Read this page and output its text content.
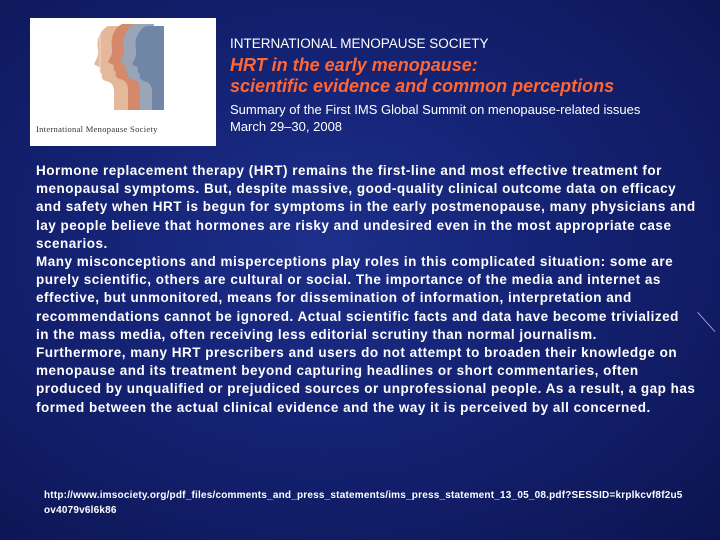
International Menopause Society
INTERNATIONAL MENOPAUSE SOCIETY
HRT in the early menopause:
scientific evidence and common perceptions
Summary of the First IMS Global Summit on menopause-related issues
March 29–30, 2008

Hormone replacement therapy (HRT) remains the first-line and most effective treatment for menopausal symptoms. But, despite massive, good-quality clinical outcome data on efficacy and safety when HRT is begun for symptoms in the early postmenopause, many physicians and lay people believe that hormones are risky and undesired even in the most appropriate case scenarios.

Many misconceptions and misperceptions play roles in this complicated situation: some are purely scientific, others are cultural or social. The importance of the media and internet as effective, but unmonitored, means for dissemination of information, interpretation and recommendations cannot be ignored. Actual scientific facts and data have become trivialized in the mass media, often receiving less editorial scrutiny than normal journalism.

Furthermore, many HRT prescribers and users do not attempt to broaden their knowledge on menopause and its treatment beyond capturing headlines or short commentaries, often produced by unqualified or prejudiced sources or unprofessional people. As a result, a gap has formed between the actual clinical evidence and the way it is perceived by all concerned.

http://www.imsociety.org/pdf_files/comments_and_press_statements/ims_press_statement_13_05_08.pdf?SESSID=krplkcvf8f2u5ov4079v6l6k86
